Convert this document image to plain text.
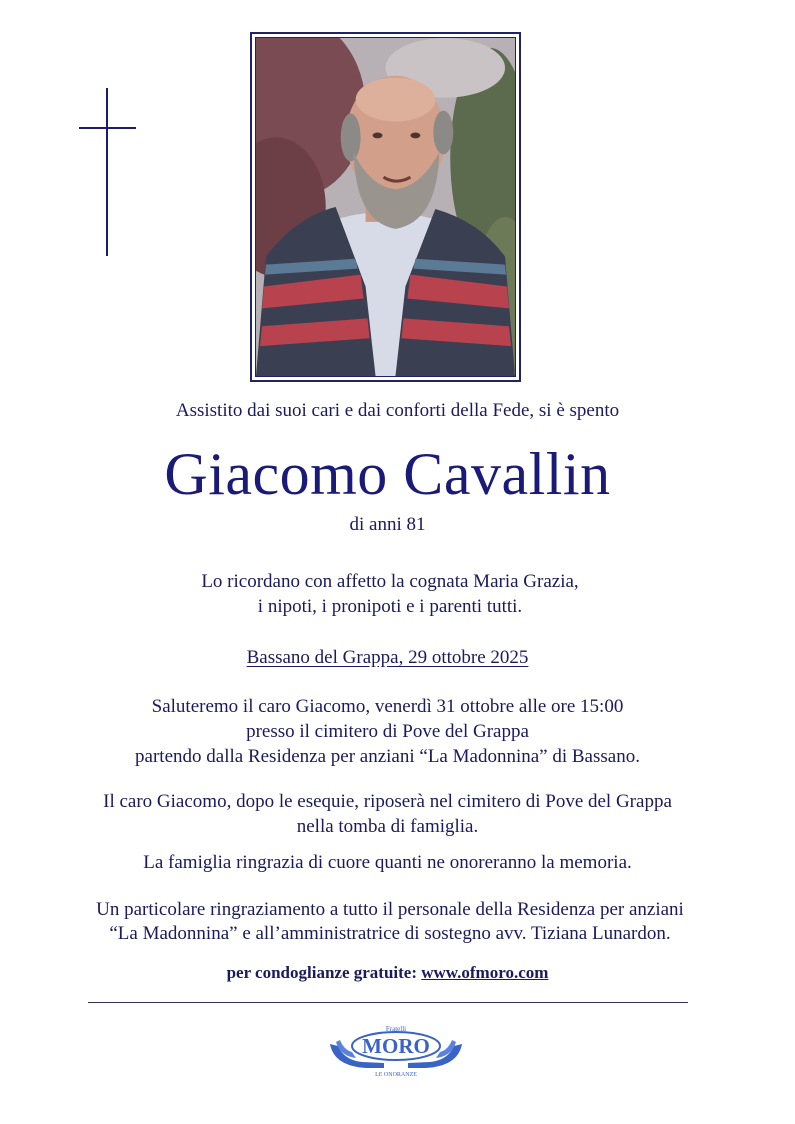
Assistito dai suoi cari e dai conforti della Fede, si è spento
Giacomo Cavallin
di anni 81
Lo ricordano con affetto la cognata Maria Grazia,
i nipoti, i pronipoti e i parenti tutti.
Bassano del Grappa, 29 ottobre 2025
Saluteremo il caro Giacomo, venerdì 31 ottobre alle ore 15:00
presso il cimitero di Pove del Grappa
partendo dalla Residenza per anziani “La Madonnina” di Bassano.
Il caro Giacomo, dopo le esequie, riposerà nel cimitero di Pove del Grappa
nella tomba di famiglia.
La famiglia ringrazia di cuore quanti ne onoreranno la memoria.
Un particolare ringraziamento a tutto il personale della Residenza per anziani
“La Madonnina” e all’amministratrice di sostegno avv. Tiziana Lunardon.
per condoglianze gratuite: www.ofmoro.com
Fratelli
MORO
LE ONORANZE
